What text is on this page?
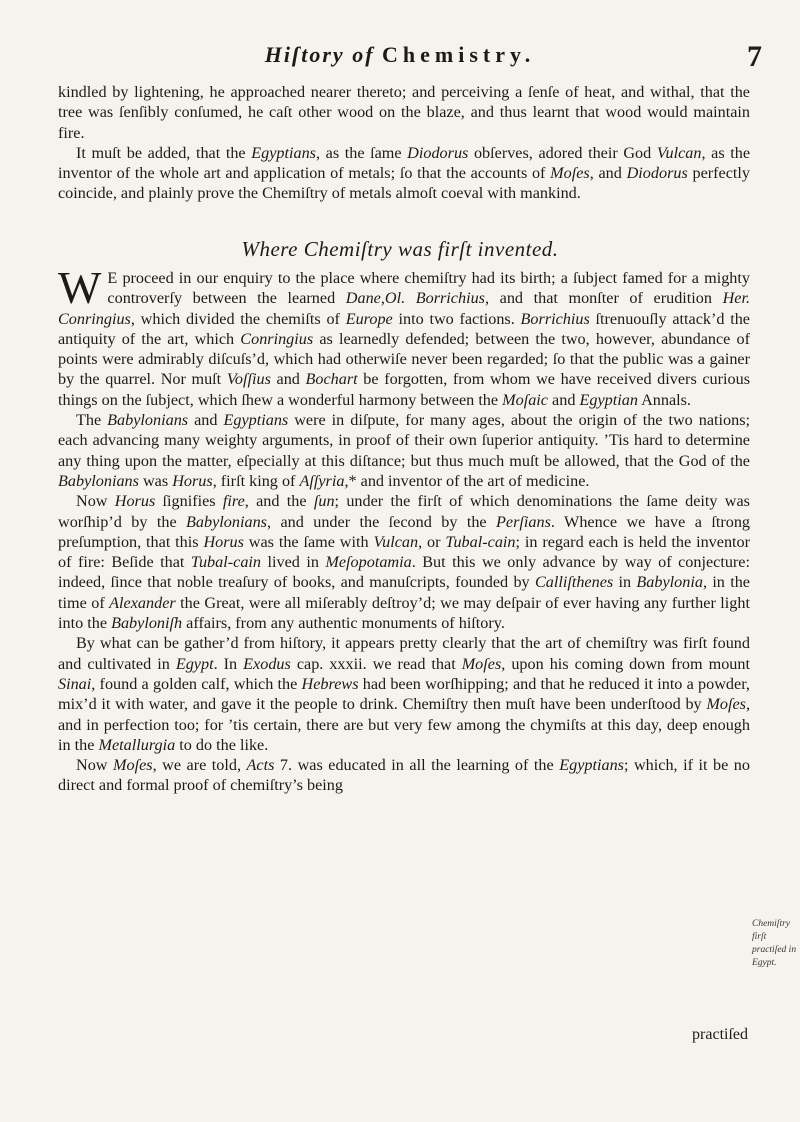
Hiſtory of Chemistry.	7

kindled by lightening, he approached nearer thereto; and perceiving a ſenſe of heat, and withal, that the tree was ſenſibly conſumed, he caſt other wood on the blaze, and thus learnt that wood would maintain fire.

It muſt be added, that the Egyptians, as the ſame Diodorus obſerves, adored their God Vulcan, as the inventor of the whole art and application of metals; ſo that the accounts of Moſes, and Diodorus perfectly coincide, and plainly prove the Chemiſtry of metals almoſt coeval with mankind.

Where Chemiſtry was firſt invented.

W E proceed in our enquiry to the place where chemiſtry had its birth; a ſubject famed for a mighty controverſy between the learned Dane,Ol. Borrichius, and that monſter of erudition Her. Conringius, which divided the chemiſts of Europe into two factions. Borrichius ſtrenuouſly attack’d the antiquity of the art, which Conringius as learnedly defended; between the two, however, abundance of points were admirably diſcuſs’d, which had otherwiſe never been regarded; ſo that the public was a gainer by the quarrel. Nor muſt Voſſius and Bochart be forgotten, from whom we have received divers curious things on the ſubject, which ſhew a wonderful harmony between the Moſaic and Egyptian Annals.

The Babylonians and Egyptians were in diſpute, for many ages, about the origin of the two nations; each advancing many weighty arguments, in proof of their own ſuperior antiquity. ’Tis hard to determine any thing upon the matter, eſpecially at this diſtance; but thus much muſt be allowed, that the God of the Babylonians was Horus, firſt king of Aſſyria,* and inventor of the art of medicine.

Now Horus ſignifies fire, and the ſun; under the firſt of which denominations the ſame deity was worſhip’d by the Babylonians, and under the ſecond by the Perſians. Whence we have a ſtrong preſumption, that this Horus was the ſame with Vulcan, or Tubal-cain; in regard each is held the inventor of fire: Beſide that Tubal-cain lived in Meſopotamia. But this we only advance by way of conjecture: indeed, ſince that noble treaſury of books, and manuſcripts, founded by Calliſthenes in Babylonia, in the time of Alexander the Great, were all miſerably deſtroy’d; we may deſpair of ever having any further light into the Babyloniſh affairs, from any authentic monuments of hiſtory.

By what can be gather’d from hiſtory, it appears pretty clearly that the art of chemiſtry was firſt found and cultivated in Egypt. In Exodus cap. xxxii. we read that Moſes, upon his coming down from mount Sinai, found a golden calf, which the Hebrews had been worſhipping; and that he reduced it into a powder, mix’d it with water, and gave it the people to drink. Chemiſtry then muſt have been underſtood by Moſes, and in perfection too; for ’tis certain, there are but very few among the chymiſts at this day, deep enough in the Metallurgia to do the like.

Now Moſes, we are told, Acts 7. was educated in all the learning of the Egyptians; which, if it be no direct and formal proof of chemiſtry’s being

Chemiſtry firſt practiſed in Egypt.
practiſed
